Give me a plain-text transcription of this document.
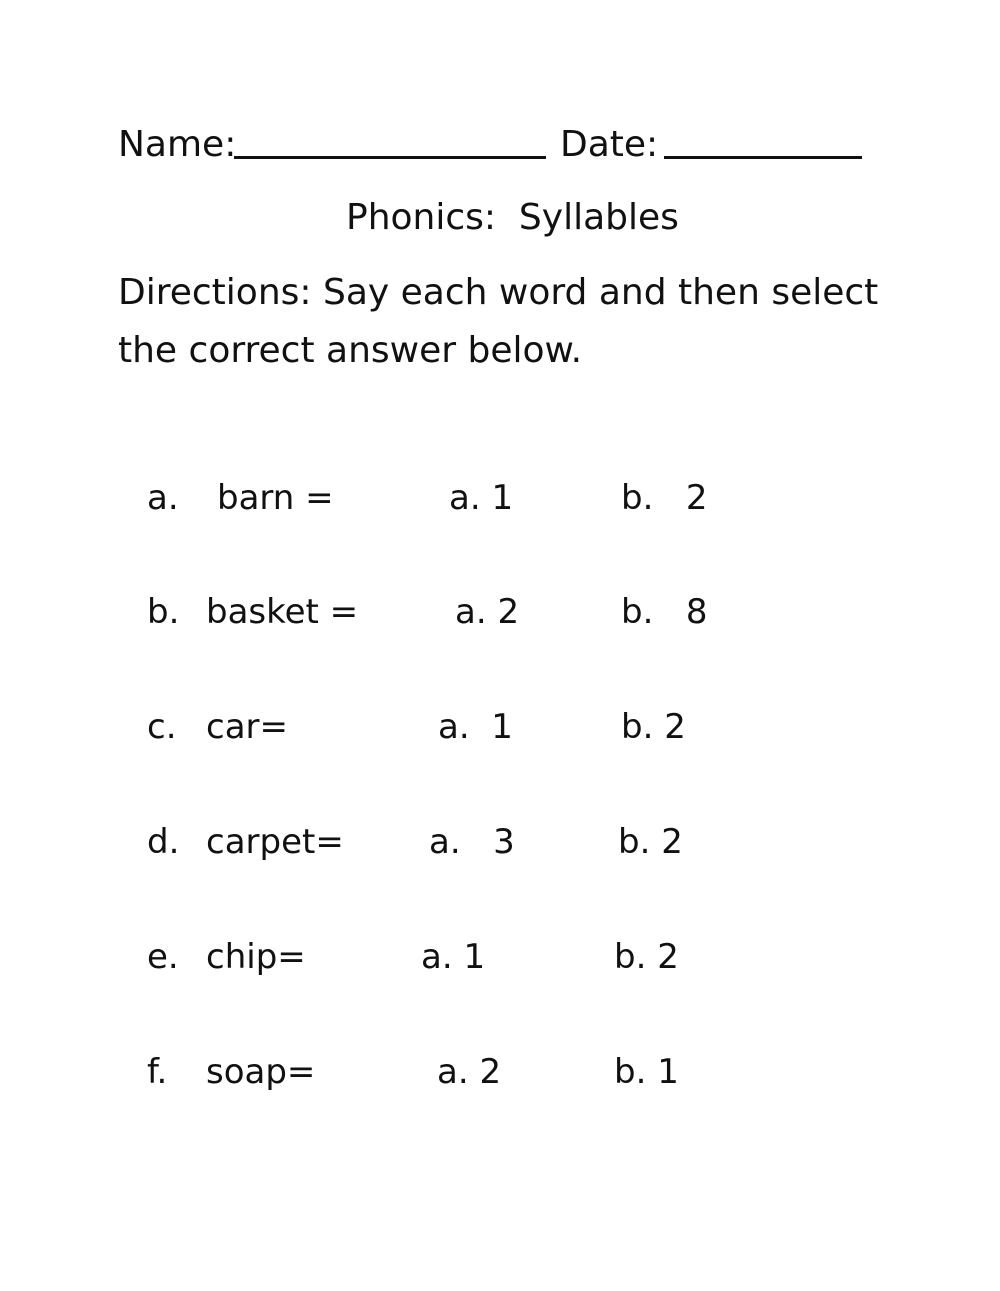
Name:	Date:
Phonics:  Syllables
Directions: Say each word and then select
the correct answer below.
a. barn =	a. 1	b.   2
b. basket =	a. 2	b.   8
c. car=	a.  1	b. 2
d. carpet=	a.   3	b. 2
e. chip=	a. 1	b. 2
f. soap=	a. 2	b. 1
